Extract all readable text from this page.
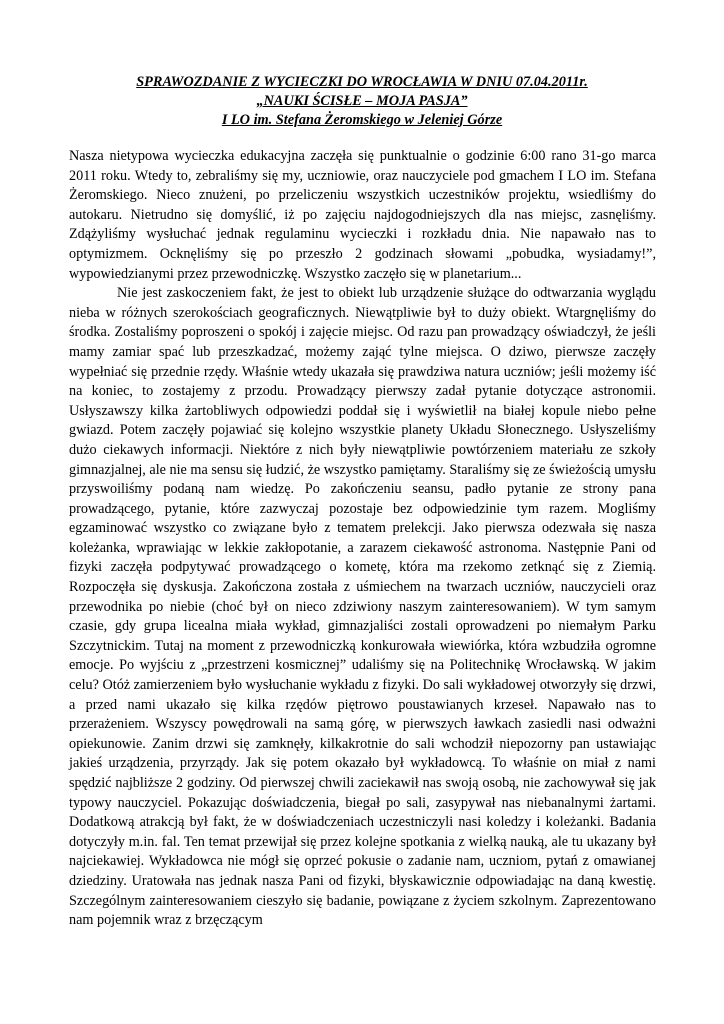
SPRAWOZDANIE Z WYCIECZKI DO WROCŁAWIA W DNIU 07.04.2011r.
„NAUKI ŚCISŁE – MOJA PASJA”
I LO im. Stefana Żeromskiego w Jeleniej Górze

Nasza nietypowa wycieczka edukacyjna zaczęła się punktualnie o godzinie 6:00 rano 31-go marca 2011 roku. Wtedy to, zebraliśmy się my, uczniowie, oraz nauczyciele pod gmachem I LO im. Stefana Żeromskiego. Nieco znużeni, po przeliczeniu wszystkich uczestników projektu, wsiedliśmy do autokaru. Nietrudno się domyślić, iż po zajęciu najdogodniejszych dla nas miejsc, zasnęliśmy. Zdążyliśmy wysłuchać jednak regulaminu wycieczki i rozkładu dnia. Nie napawało nas to optymizmem. Ocknęliśmy się po przeszło 2 godzinach słowami „pobudka, wysiadamy!”, wypowiedzianymi przez przewodniczkę. Wszystko zaczęło się w planetarium...

Nie jest zaskoczeniem fakt, że jest to obiekt lub urządzenie służące do odtwarzania wyglądu nieba w różnych szerokościach geograficznych. Niewątpliwie był to duży obiekt. Wtargnęliśmy do środka. Zostaliśmy poproszeni o spokój i zajęcie miejsc. Od razu pan prowadzący oświadczył, że jeśli mamy zamiar spać lub przeszkadzać, możemy zająć tylne miejsca. O dziwo, pierwsze zaczęły wypełniać się przednie rzędy. Właśnie wtedy ukazała się prawdziwa natura uczniów; jeśli możemy iść na koniec, to zostajemy z przodu. Prowadzący pierwszy zadał pytanie dotyczące astronomii. Usłyszawszy kilka żartobliwych odpowiedzi poddał się i wyświetlił na białej kopule niebo pełne gwiazd. Potem zaczęły pojawiać się kolejno wszystkie planety Układu Słonecznego. Usłyszeliśmy dużo ciekawych informacji. Niektóre z nich były niewątpliwie powtórzeniem materiału ze szkoły gimnazjalnej, ale nie ma sensu się łudzić, że wszystko pamiętamy. Staraliśmy się ze świeżością umysłu przyswoiliśmy podaną nam wiedzę. Po zakończeniu seansu, padło pytanie ze strony pana prowadzącego, pytanie, które zazwyczaj pozostaje bez odpowiedzinie tym razem. Mogliśmy egzaminować wszystko co związane było z tematem prelekcji. Jako pierwsza odezwała się nasza koleżanka, wprawiając w lekkie zakłopotanie, a zarazem ciekawość astronoma. Następnie Pani od fizyki zaczęła podpytywać prowadzącego o kometę, która ma rzekomo zetknąć się z Ziemią. Rozpoczęła się dyskusja. Zakończona została z uśmiechem na twarzach uczniów, nauczycieli oraz przewodnika po niebie (choć był on nieco zdziwiony naszym zainteresowaniem). W tym samym czasie, gdy grupa licealna miała wykład, gimnazjaliści zostali oprowadzeni po niemałym Parku Szczytnickim. Tutaj na moment z przewodniczką konkurowała wiewiórka, która wzbudziła ogromne emocje. Po wyjściu z „przestrzeni kosmicznej” udaliśmy się na Politechnikę Wrocławską. W jakim celu? Otóż zamierzeniem było wysłuchanie wykładu z fizyki. Do sali wykładowej otworzyły się drzwi, a przed nami ukazało się kilka rzędów piętrowo poustawianych krzeseł. Napawało nas to przerażeniem. Wszyscy powędrowali na samą górę, w pierwszych ławkach zasiedli nasi odważni opiekunowie. Zanim drzwi się zamknęły, kilkakrotnie do sali wchodził niepozorny pan ustawiając jakieś urządzenia, przyrządy. Jak się potem okazało był wykładowcą. To właśnie on miał z nami spędzić najbliższe 2 godziny. Od pierwszej chwili zaciekawił nas swoją osobą, nie zachowywał się jak typowy nauczyciel. Pokazując doświadczenia, biegał po sali, zasypywał nas niebanalnymi żartami. Dodatkową atrakcją był fakt, że w doświadczeniach uczestniczyli nasi koledzy i koleżanki. Badania dotyczyły m.in. fal. Ten temat przewijał się przez kolejne spotkania z wielką nauką, ale tu ukazany był najciekawiej. Wykładowca nie mógł się oprzeć pokusie o zadanie nam, uczniom, pytań z omawianej dziedziny. Uratowała nas jednak nasza Pani od fizyki, błyskawicznie odpowiadając na daną kwestię. Szczególnym zainteresowaniem cieszyło się badanie, powiązane z życiem szkolnym. Zaprezentowano nam pojemnik wraz z brzęczącym
